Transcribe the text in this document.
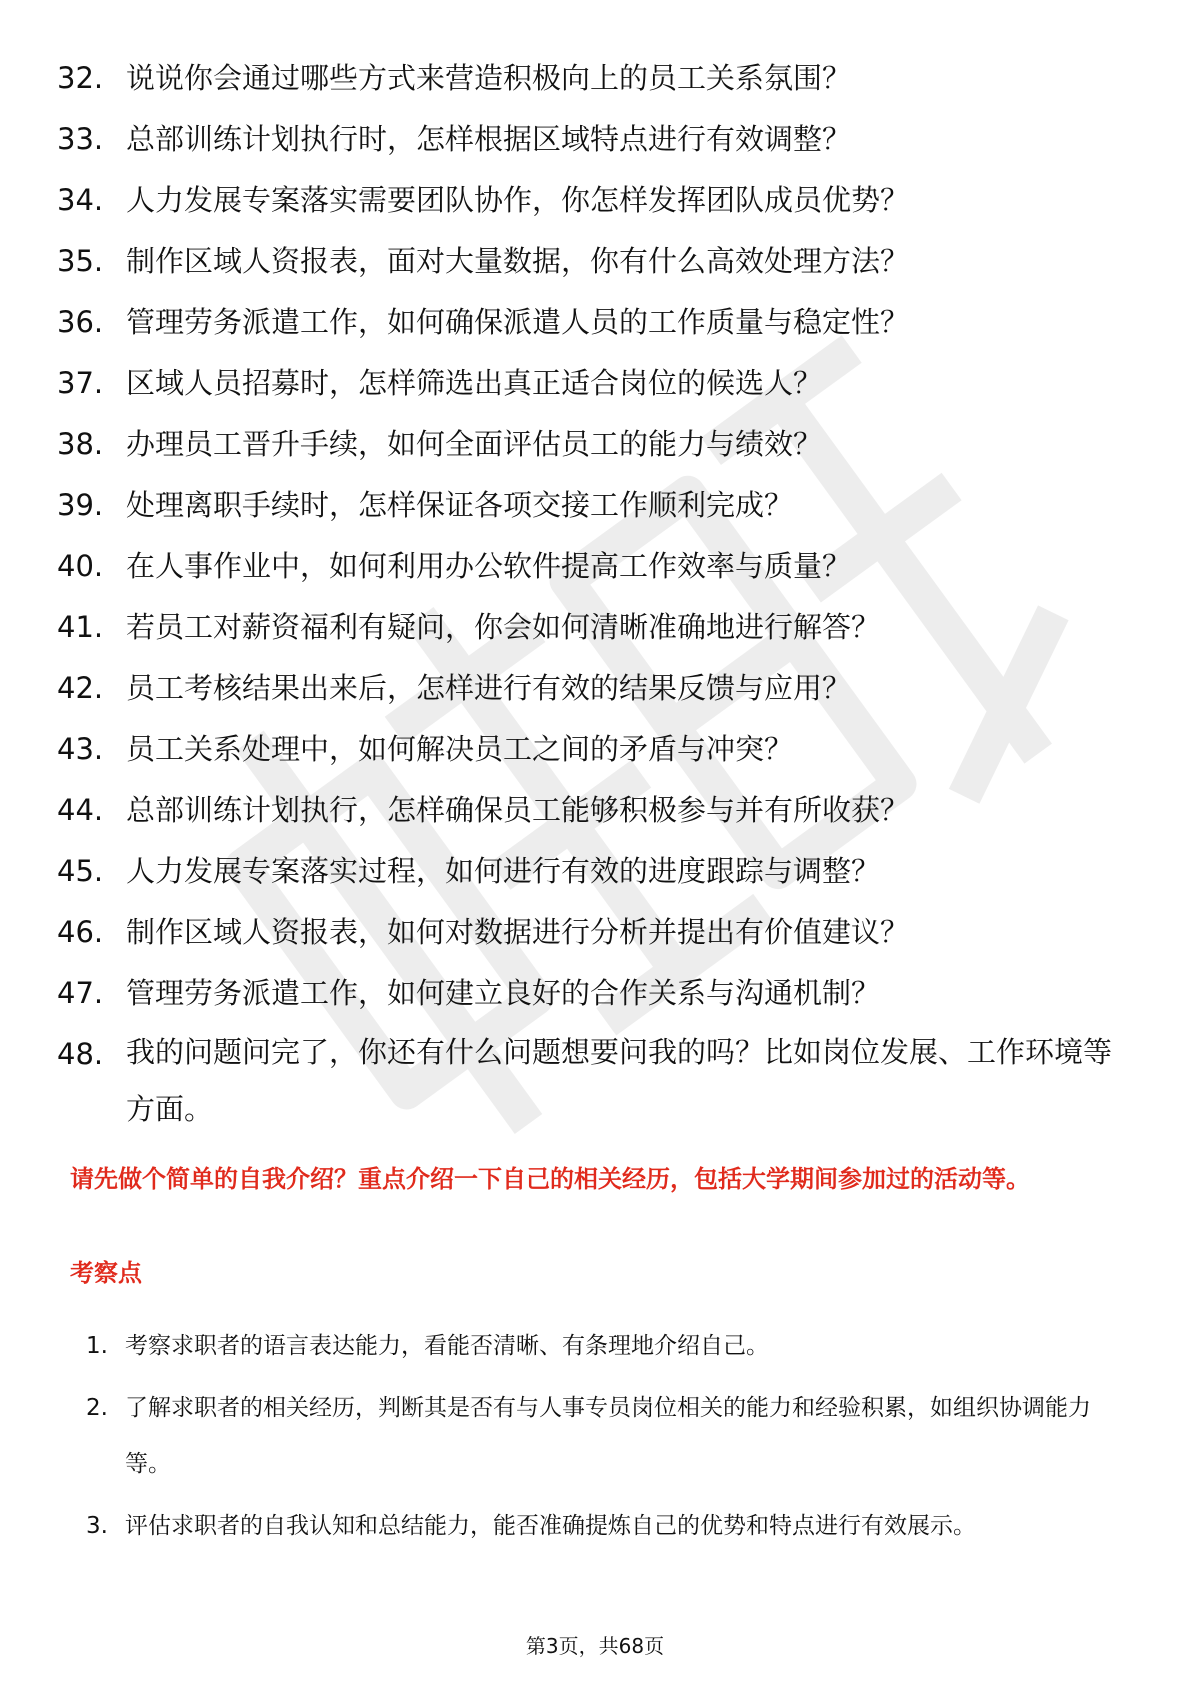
32. 说说你会通过哪些方式来营造积极向上的员工关系氛围？
33. 总部训练计划执行时，怎样根据区域特点进行有效调整？
34. 人力发展专案落实需要团队协作，你怎样发挥团队成员优势？
35. 制作区域人资报表，面对大量数据，你有什么高效处理方法？
36. 管理劳务派遣工作，如何确保派遣人员的工作质量与稳定性？
37. 区域人员招募时，怎样筛选出真正适合岗位的候选人？
38. 办理员工晋升手续，如何全面评估员工的能力与绩效？
39. 处理离职手续时，怎样保证各项交接工作顺利完成？
40. 在人事作业中，如何利用办公软件提高工作效率与质量？
41. 若员工对薪资福利有疑问，你会如何清晰准确地进行解答？
42. 员工考核结果出来后，怎样进行有效的结果反馈与应用？
43. 员工关系处理中，如何解决员工之间的矛盾与冲突？
44. 总部训练计划执行，怎样确保员工能够积极参与并有所收获？
45. 人力发展专案落实过程，如何进行有效的进度跟踪与调整？
46. 制作区域人资报表，如何对数据进行分析并提出有价值建议？
47. 管理劳务派遣工作，如何建立良好的合作关系与沟通机制？
48. 我的问题问完了，你还有什么问题想要问我的吗？比如岗位发展、工作环境等方面。
请先做个简单的自我介绍？重点介绍一下自己的相关经历，包括大学期间参加过的活动等。
考察点
1. 考察求职者的语言表达能力，看能否清晰、有条理地介绍自己。
2. 了解求职者的相关经历，判断其是否有与人事专员岗位相关的能力和经验积累，如组织协调能力等。
3. 评估求职者的自我认知和总结能力，能否准确提炼自己的优势和特点进行有效展示。
第3页，共68页
